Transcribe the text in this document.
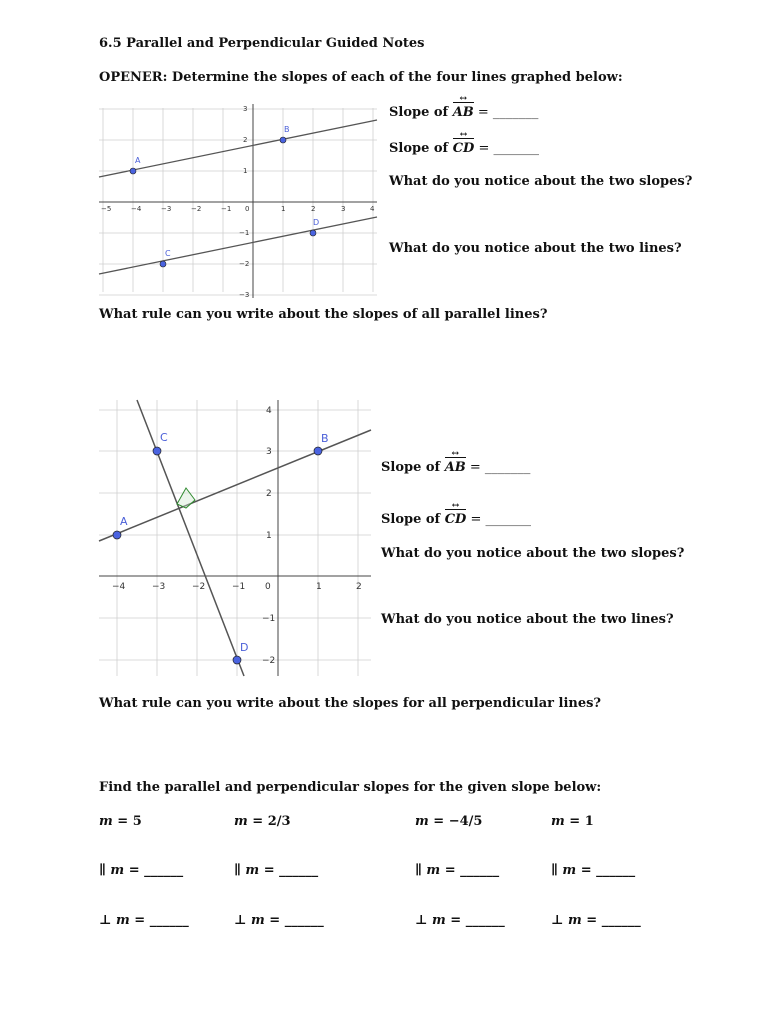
6.5 Parallel and Perpendicular Guided Notes
OPENER: Determine the slopes of each of the four lines graphed below:
−5	−4	−3	−2	−1 0	1	2	3	4
3
2
1
−1
−2
−3
A
B
C
D
Slope of AB ↔ = _______
Slope of CD ↔ = _______
What do you notice about the two slopes?
What do you notice about the two lines?
What rule can you write about the slopes of all parallel lines?
−4	−3	−2	−1 0	1	2
4
3
2
1
−1
−2
A
B
C
D
Slope of AB ↔ = _______
Slope of CD ↔ = _______
What do you notice about the two slopes?
What do you notice about the two lines?
What rule can you write about the slopes for all perpendicular lines?
Find the parallel and perpendicular slopes for the given slope below:
m = 5	m = 2/3	m = −4/5	m = 1
∥ m = ______	∥ m = ______	∥ m = ______	∥ m = ______
⊥ m = ______	⊥ m = ______	⊥ m = ______	⊥ m = ______
